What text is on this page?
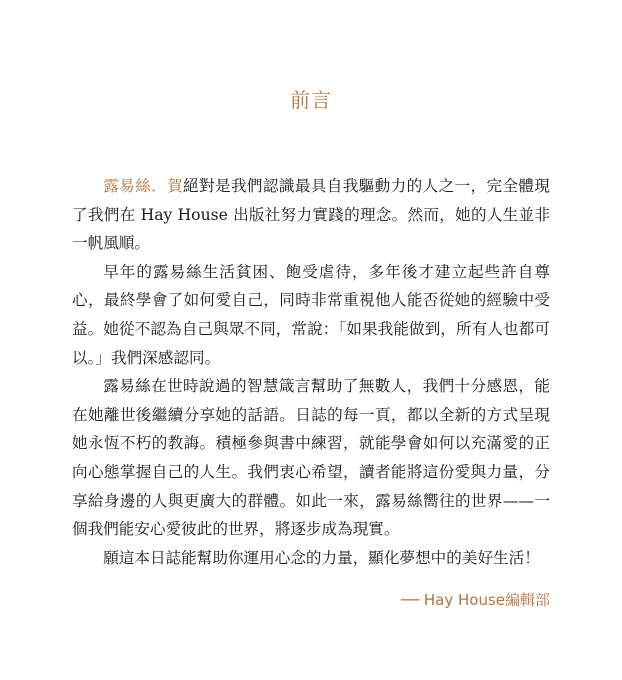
前言

露易絲．賀絕對是我們認識最具自我驅動力的人之一，完全體現了我們在 Hay House 出版社努力實踐的理念。然而，她的人生並非一帆風順。

早年的露易絲生活貧困、飽受虐待，多年後才建立起些許自尊心，最終學會了如何愛自己，同時非常重視他人能否從她的經驗中受益。她從不認為自己與眾不同，常說：「如果我能做到，所有人也都可以。」我們深感認同。

露易絲在世時說過的智慧箴言幫助了無數人，我們十分感恩，能在她離世後繼續分享她的話語。日誌的每一頁，都以全新的方式呈現她永恆不朽的教誨。積極參與書中練習，就能學會如何以充滿愛的正向心態掌握自己的人生。我們衷心希望，讀者能將這份愛與力量，分享給身邊的人與更廣大的群體。如此一來，露易絲嚮往的世界——一個我們能安心愛彼此的世界，將逐步成為現實。

願這本日誌能幫助你運用心念的力量，顯化夢想中的美好生活！

── Hay House編輯部
